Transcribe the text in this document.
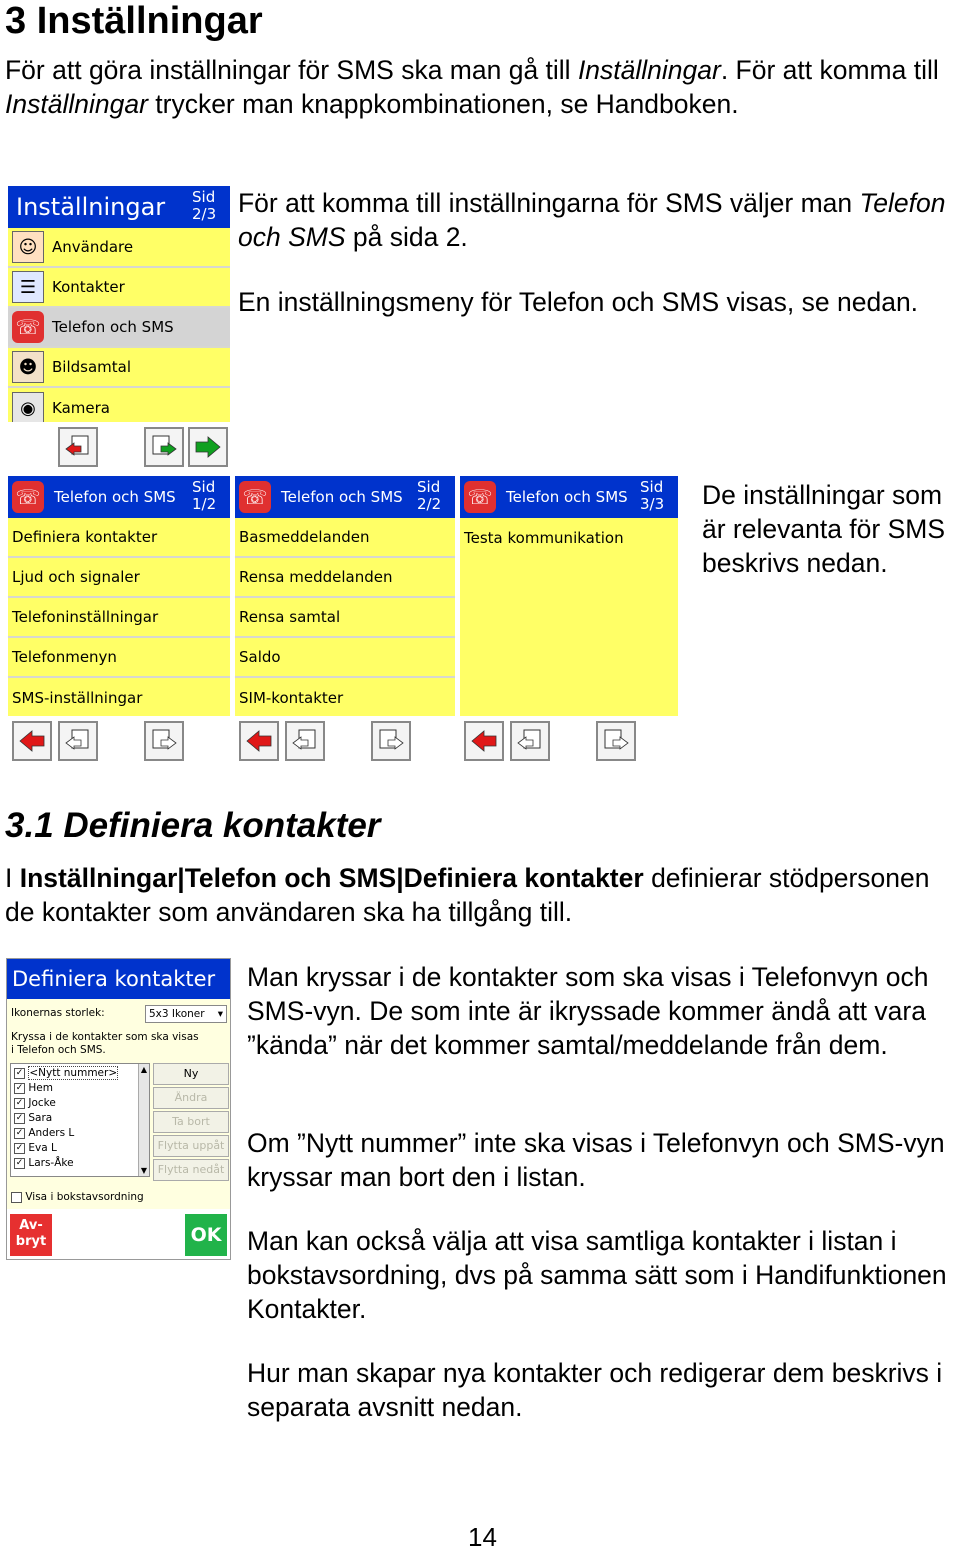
3 Inställningar
För att göra inställningar för SMS ska man gå till Inställningar. För att komma till Inställningar trycker man knappkombinationen, se Handboken.
Inställningar Sid
2/3
☺ Användare
☰	Kontakter
☏ Telefon och SMS
☻ Bildsamtal
◉	Kamera
För att komma till inställningarna för SMS väljer man Telefon och SMS på sida 2.
En inställningsmeny för Telefon och SMS visas, se nedan.
☏ Telefon och SMS
Sid
1/2
Definiera kontakter
Ljud och signaler
Telefoninställningar
Telefonmenyn
SMS-inställningar
☏ Telefon och SMS
Sid
2/2
Basmeddelanden
Rensa meddelanden
Rensa samtal
Saldo
SIM-kontakter
☏ Telefon och SMS
Sid
3/3
Testa kommunikation
De inställningar som är relevanta för SMS beskrivs nedan.
3.1 Definiera kontakter
I Inställningar|Telefon och SMS|Definiera kontakter definierar stödpersonen de kontakter som användaren ska ha tillgång till.
Definiera kontakter
Ikonernas storlek:	5x3 Ikoner ▾
Kryssa i de kontakter som ska visas i Telefon och SMS.
✓ <Nytt nummer>
✓ Hem
✓ Jocke
✓ Sara
✓ Anders L
✓ Eva L
✓ Lars-Åke
▲
▼
Ny
Ändra
Ta bort
Flytta uppåt
Flytta nedåt
Visa i bokstavsordning
Av-
bryt	OK
Man kryssar i de kontakter som ska visas i Telefonvyn och SMS-vyn. De som inte är ikryssade kommer ändå att vara ”kända” när det kommer samtal/meddelande från dem.
Om ”Nytt nummer” inte ska visas i Telefonvyn och SMS-vyn kryssar man bort den i listan.
Man kan också välja att visa samtliga kontakter i listan i bokstavsordning, dvs på samma sätt som i Handifunktionen Kontakter.
Hur man skapar nya kontakter och redigerar dem beskrivs i separata avsnitt nedan.
14
